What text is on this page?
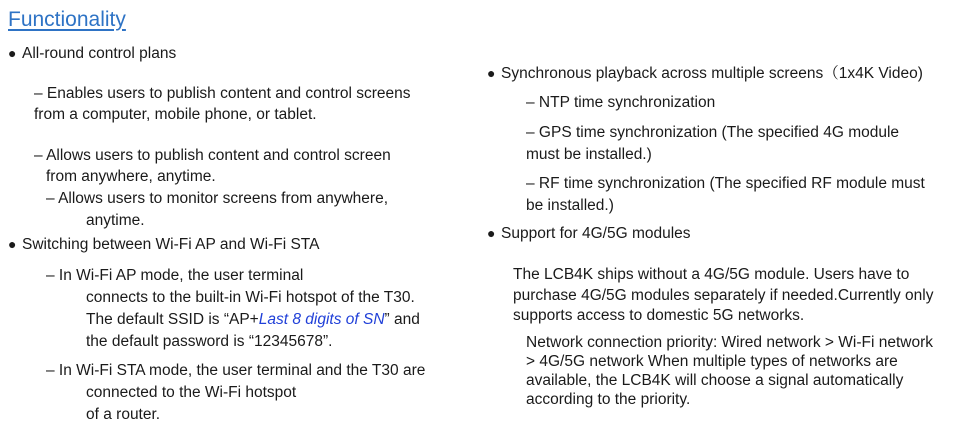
Functionality
● All-round control plans
– Enables users to publish content and control screens
from a computer, mobile phone, or tablet.
– Allows users to publish content and control screen
from anywhere, anytime.
– Allows users to monitor screens from anywhere,
anytime.
● Switching between Wi-Fi AP and Wi-Fi STA
– In Wi-Fi AP mode, the user terminal
connects to the built-in Wi-Fi hotspot of the T30.
The default SSID is “AP+Last 8 digits of SN” and
the default password is “12345678”.
– In Wi-Fi STA mode, the user terminal and the T30 are
connected to the Wi-Fi hotspot
of a router.
● Synchronous playback across multiple screens（1x4K Video)
– NTP time synchronization
– GPS time synchronization (The specified 4G module
must be installed.)
– RF time synchronization (The specified RF module must
be installed.)
● Support for 4G/5G modules
The LCB4K ships without a 4G/5G module. Users have to
purchase 4G/5G modules separately if needed.Currently only
supports access to domestic 5G networks.
Network connection priority: Wired network > Wi-Fi network
> 4G/5G network When multiple types of networks are
available, the LCB4K will choose a signal automatically
according to the priority.
